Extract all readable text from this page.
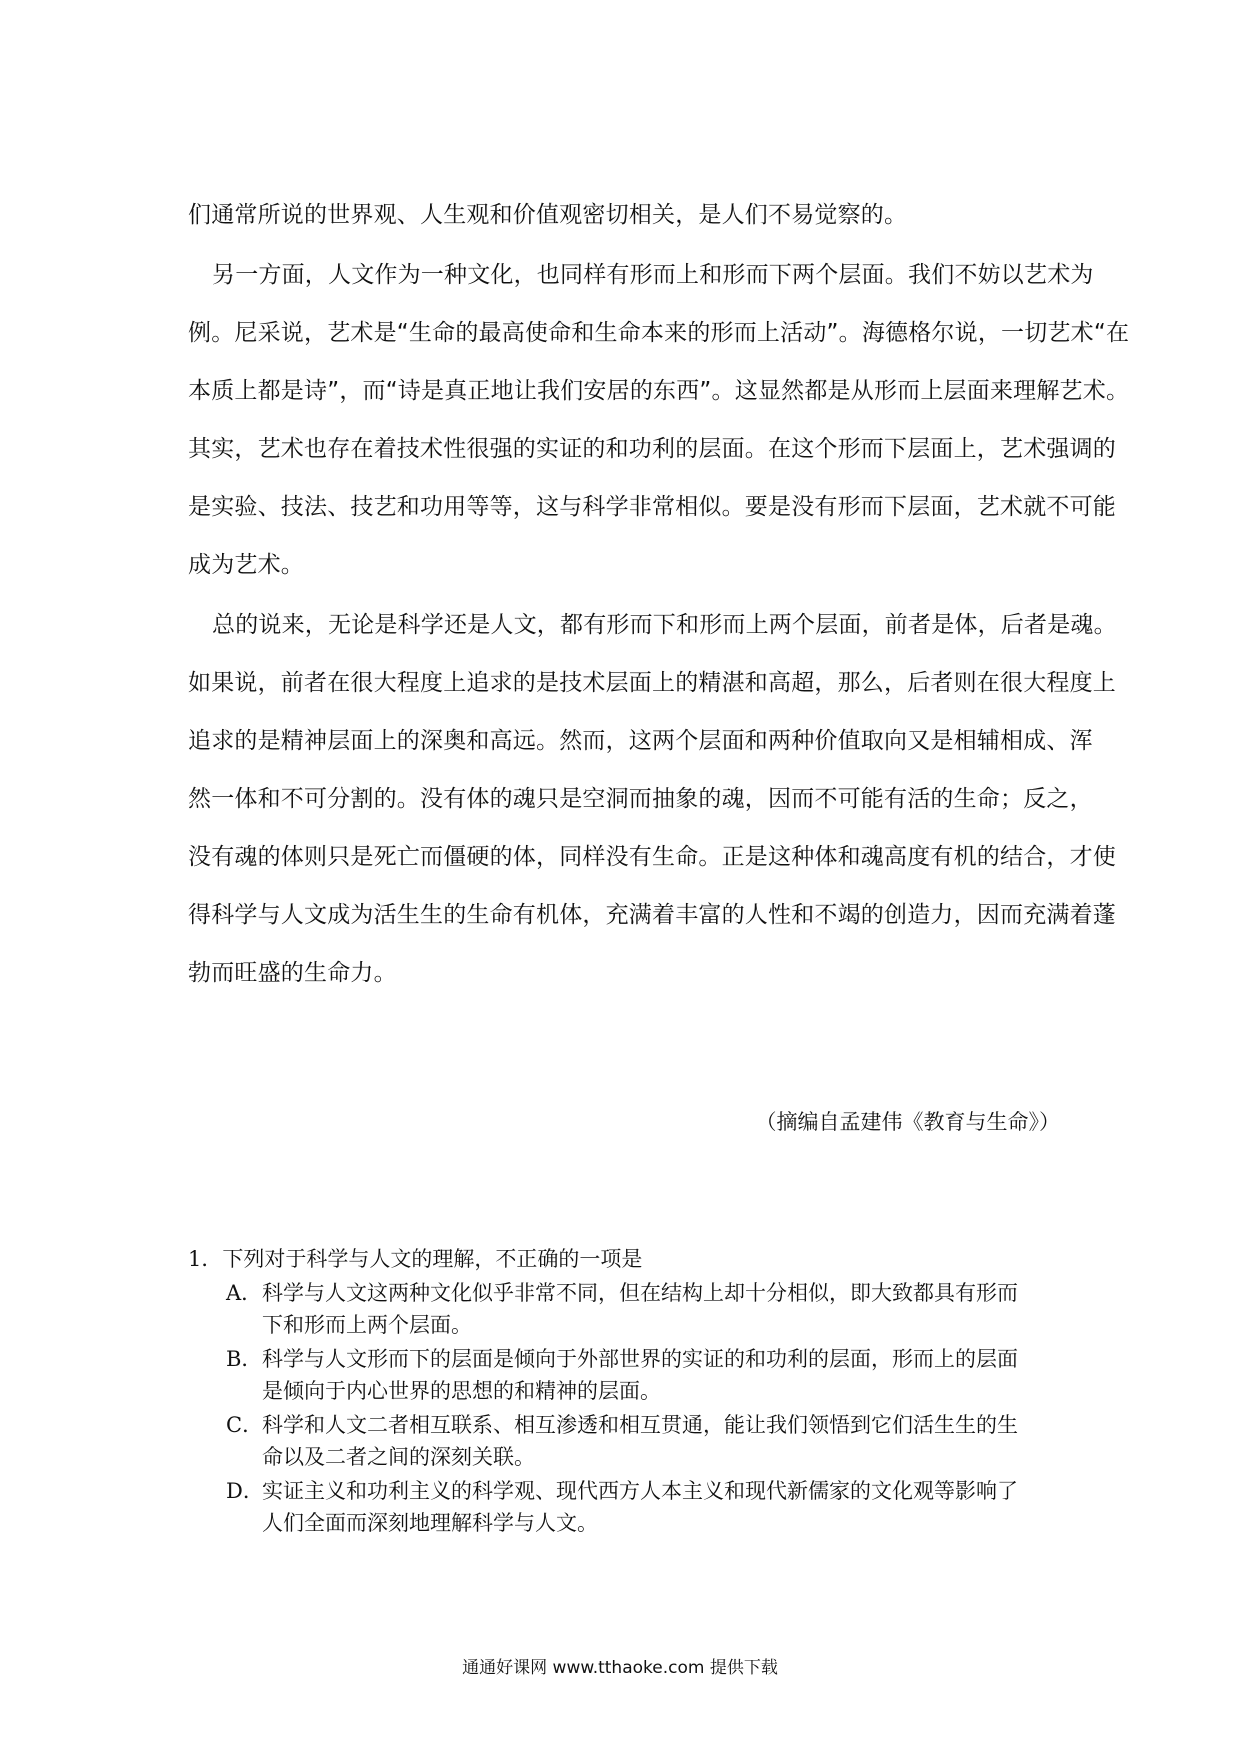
们通常所说的世界观、人生观和价值观密切相关，是人们不易觉察的。
另一方面，人文作为一种文化，也同样有形而上和形而下两个层面。我们不妨以艺术为
例。尼采说，艺术是“生命的最高使命和生命本来的形而上活动”。海德格尔说，一切艺术“在
本质上都是诗”，而“诗是真正地让我们安居的东西”。这显然都是从形而上层面来理解艺术。
其实，艺术也存在着技术性很强的实证的和功利的层面。在这个形而下层面上，艺术强调的
是实验、技法、技艺和功用等等，这与科学非常相似。要是没有形而下层面，艺术就不可能
成为艺术。
总的说来，无论是科学还是人文，都有形而下和形而上两个层面，前者是体，后者是魂。
如果说，前者在很大程度上追求的是技术层面上的精湛和高超，那么，后者则在很大程度上
追求的是精神层面上的深奥和高远。然而，这两个层面和两种价值取向又是相辅相成、浑
然一体和不可分割的。没有体的魂只是空洞而抽象的魂，因而不可能有活的生命；反之，
没有魂的体则只是死亡而僵硬的体，同样没有生命。正是这种体和魂高度有机的结合，才使
得科学与人文成为活生生的生命有机体，充满着丰富的人性和不竭的创造力，因而充满着蓬
勃而旺盛的生命力。
（摘编自孟建伟《教育与生命》）
1．下列对于科学与人文的理解，不正确的一项是
A． 科学与人文这两种文化似乎非常不同，但在结构上却十分相似，即大致都具有形而
下和形而上两个层面。
B． 科学与人文形而下的层面是倾向于外部世界的实证的和功利的层面，形而上的层面
是倾向于内心世界的思想的和精神的层面。
C．
科学和人文二者相互联系、相互渗透和相互贯通，能让我们领悟到它们活生生的生
命以及二者之间的深刻关联。
D．
实证主义和功利主义的科学观、现代西方人本主义和现代新儒家的文化观等影响了
人们全面而深刻地理解科学与人文。
通通好课网 www.tthaoke.com 提供下载
